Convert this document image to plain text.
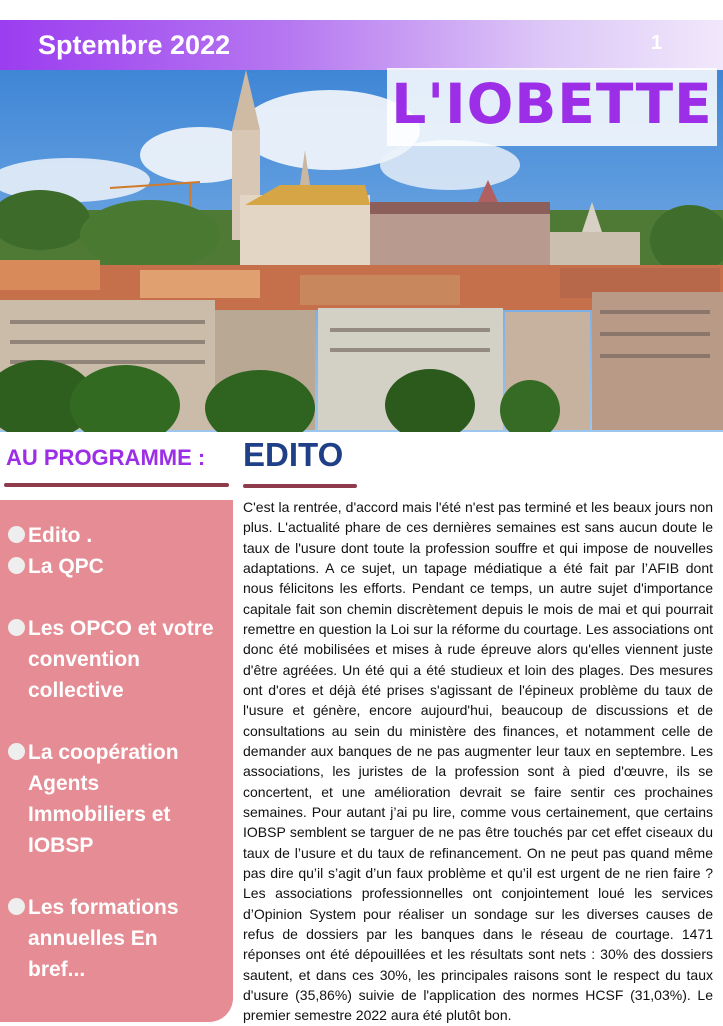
Sptembre 2022	1
L'IOBETTE
AU PROGRAMME :
Edito .
La QPC
Les OPCO et votre convention collective
La coopération Agents Immobiliers et IOBSP
Les formations annuelles En bref...
EDITO
C'est la rentrée, d'accord mais l'été n'est pas terminé et les beaux jours non plus. L'actualité phare de ces dernières semaines est sans aucun doute le taux de l'usure dont toute la profession souffre et qui impose de nouvelles adaptations. A ce sujet, un tapage médiatique a été fait par l’AFIB dont nous félicitons les efforts. Pendant ce temps, un autre sujet d'importance capitale fait son chemin discrètement depuis le mois de mai et qui pourrait remettre en question la Loi sur la réforme du courtage. Les associations ont donc été mobilisées et mises à rude épreuve alors qu'elles viennent juste d'être agréées. Un été qui a été studieux et loin des plages. Des mesures ont d'ores et déjà été prises s'agissant de l'épineux problème du taux de l'usure et génère, encore aujourd'hui, beaucoup de discussions et de consultations au sein du ministère des finances, et notamment celle de demander aux banques de ne pas augmenter leur taux en septembre. Les associations, les juristes de la profession sont à pied d'œuvre, ils se concertent, et une amélioration devrait se faire sentir ces prochaines semaines. Pour autant j’ai pu lire, comme vous certainement, que certains IOBSP semblent se targuer de ne pas être touchés par cet effet ciseaux du taux de l’usure et du taux de refinancement. On ne peut pas quand même pas dire qu’il s’agit d’un faux problème et qu’il est urgent de ne rien faire ? Les associations professionnelles ont conjointement loué les services d’Opinion System pour réaliser un sondage sur les diverses causes de refus de dossiers par les banques dans le réseau de courtage. 1471 réponses ont été dépouillées et les résultats sont nets : 30% des dossiers sautent, et dans ces 30%, les principales raisons sont le respect du taux d'usure (35,86%) suivie de l'application des normes HCSF (31,03%). Le premier semestre 2022 aura été plutôt bon.
